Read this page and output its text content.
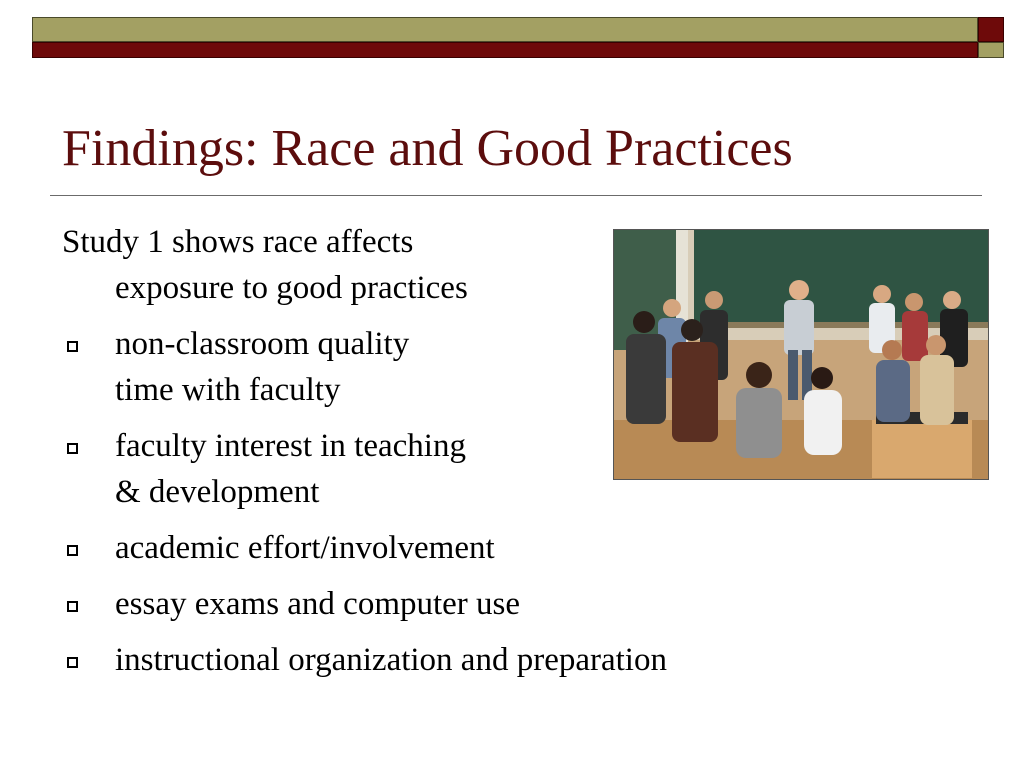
Findings: Race and Good Practices
Study 1 shows race affects
exposure to good practices
non-classroom quality
time with faculty
faculty interest in teaching
& development
academic effort/involvement
essay exams and computer use
instructional organization and preparation
